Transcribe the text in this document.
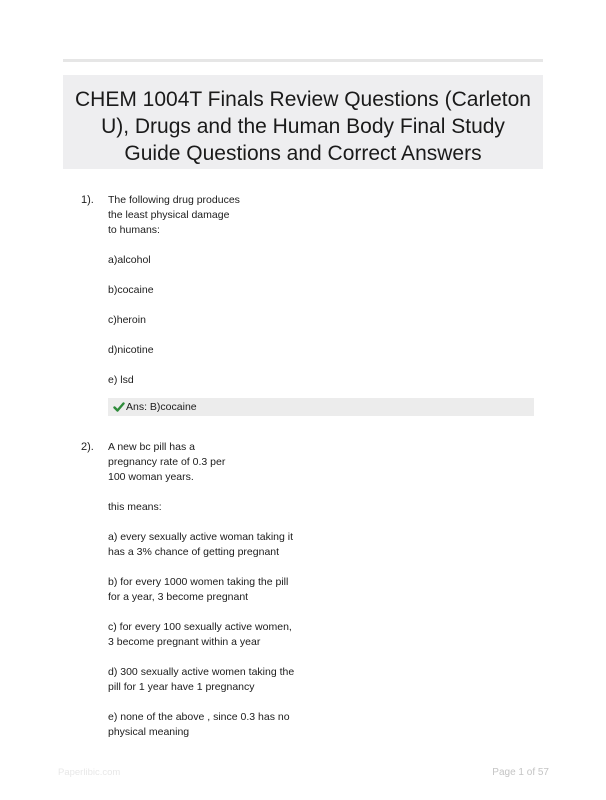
CHEM 1004T Finals Review Questions (Carleton U), Drugs and the Human Body Final Study Guide Questions and Correct Answers
1). The following drug produces
the least physical damage
to humans:
a)alcohol
b)cocaine
c)heroin
d)nicotine
e) lsd
Ans: B)cocaine
2). A new bc pill has a
pregnancy rate of 0.3 per
100 woman years.
this means:
a) every sexually active woman taking it
has a 3% chance of getting pregnant
b) for every 1000 women taking the pill
for a year, 3 become pregnant
c) for every 100 sexually active women,
3 become pregnant within a year
d) 300 sexually active women taking the
pill for 1 year have 1 pregnancy
e) none of the above , since 0.3 has no
physical meaning
Paperlibic.com	Page 1 of 57
